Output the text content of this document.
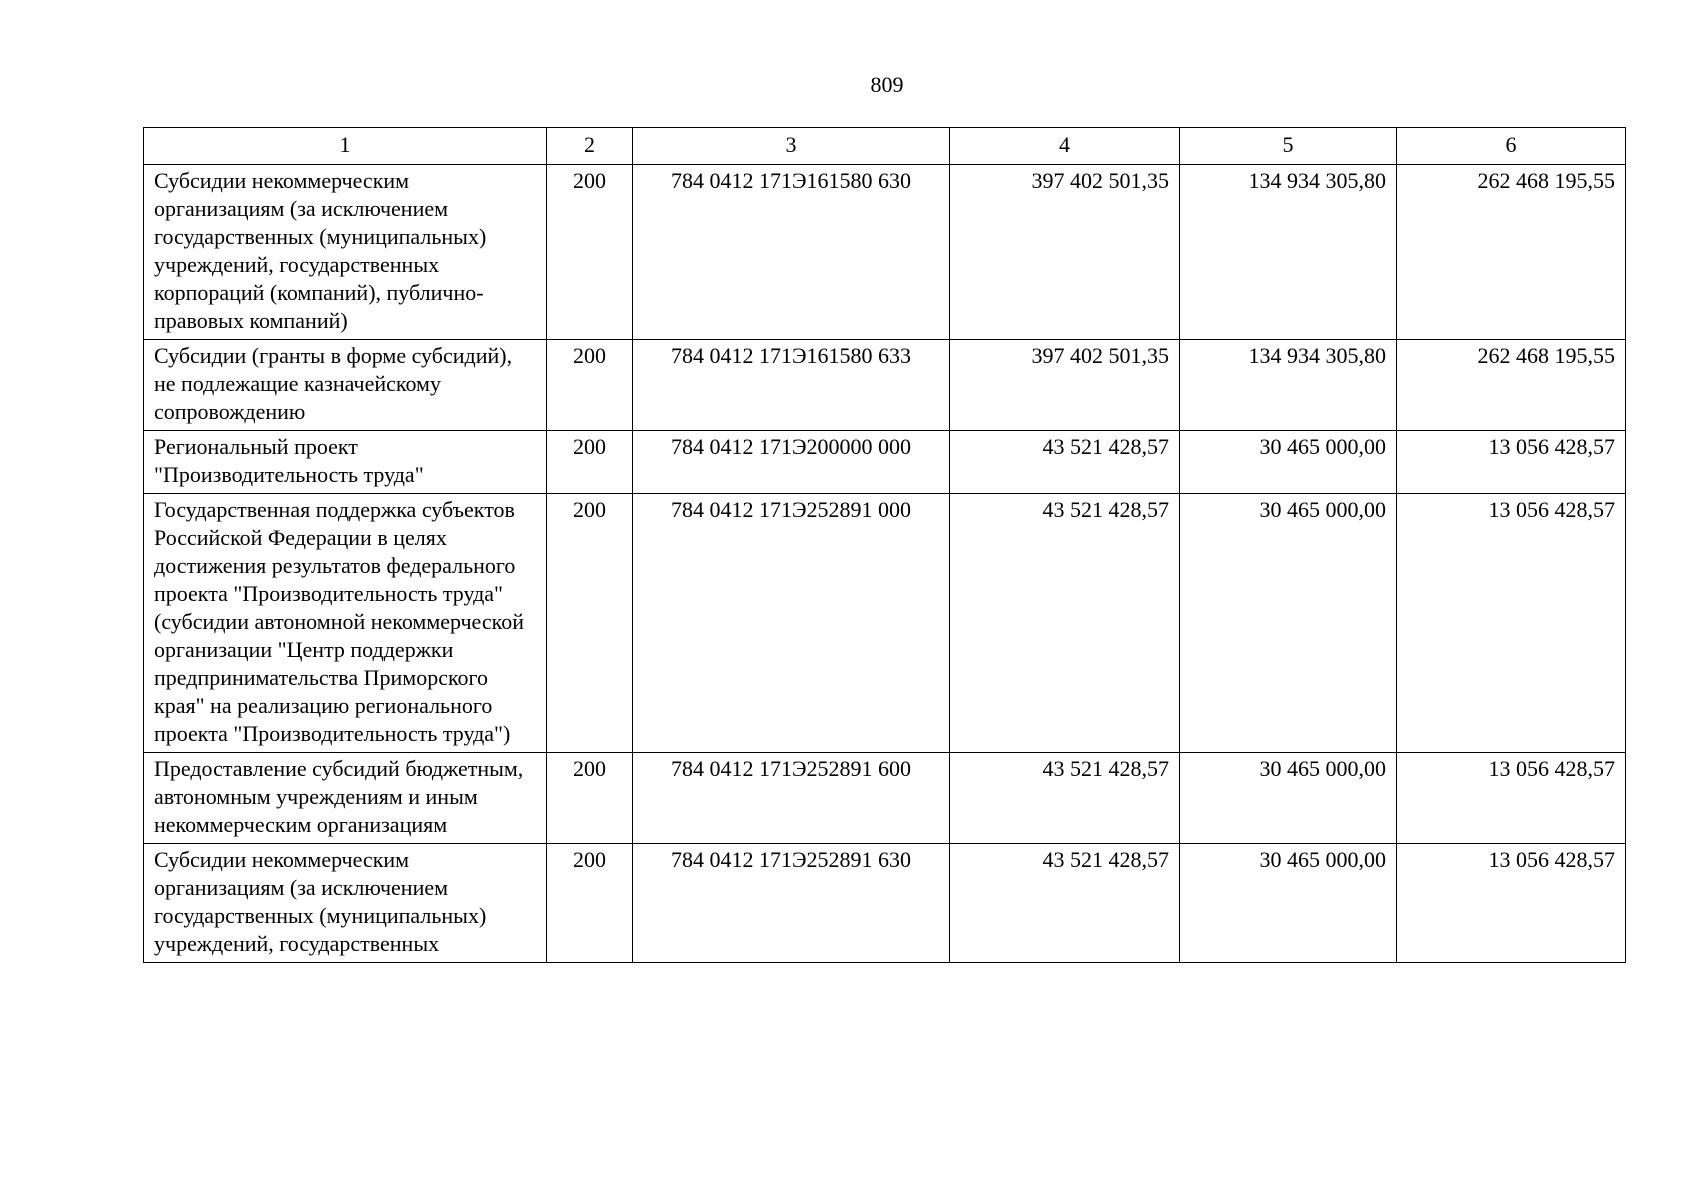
809
1	2	3	4	5	6
Субсидии некоммерческим организациям (за исключением государственных (муниципальных) учреждений, государственных корпораций (компаний), публично-правовых компаний)	200	784 0412 171Э161580 630	397 402 501,35	134 934 305,80	262 468 195,55
Субсидии (гранты в форме субсидий), не подлежащие казначейскому сопровождению	200	784 0412 171Э161580 633	397 402 501,35	134 934 305,80	262 468 195,55
Региональный проект "Производительность труда"	200	784 0412 171Э200000 000	43 521 428,57	30 465 000,00	13 056 428,57
Государственная поддержка субъектов Российской Федерации в целях достижения результатов федерального проекта "Производительность труда" (субсидии автономной некоммерческой организации "Центр поддержки предпринимательства Приморского края" на реализацию регионального проекта "Производительность труда")	200	784 0412 171Э252891 000	43 521 428,57	30 465 000,00	13 056 428,57
Предоставление субсидий бюджетным, автономным учреждениям и иным некоммерческим организациям	200	784 0412 171Э252891 600	43 521 428,57	30 465 000,00	13 056 428,57
Субсидии некоммерческим организациям (за исключением государственных (муниципальных) учреждений, государственных	200	784 0412 171Э252891 630	43 521 428,57	30 465 000,00	13 056 428,57
